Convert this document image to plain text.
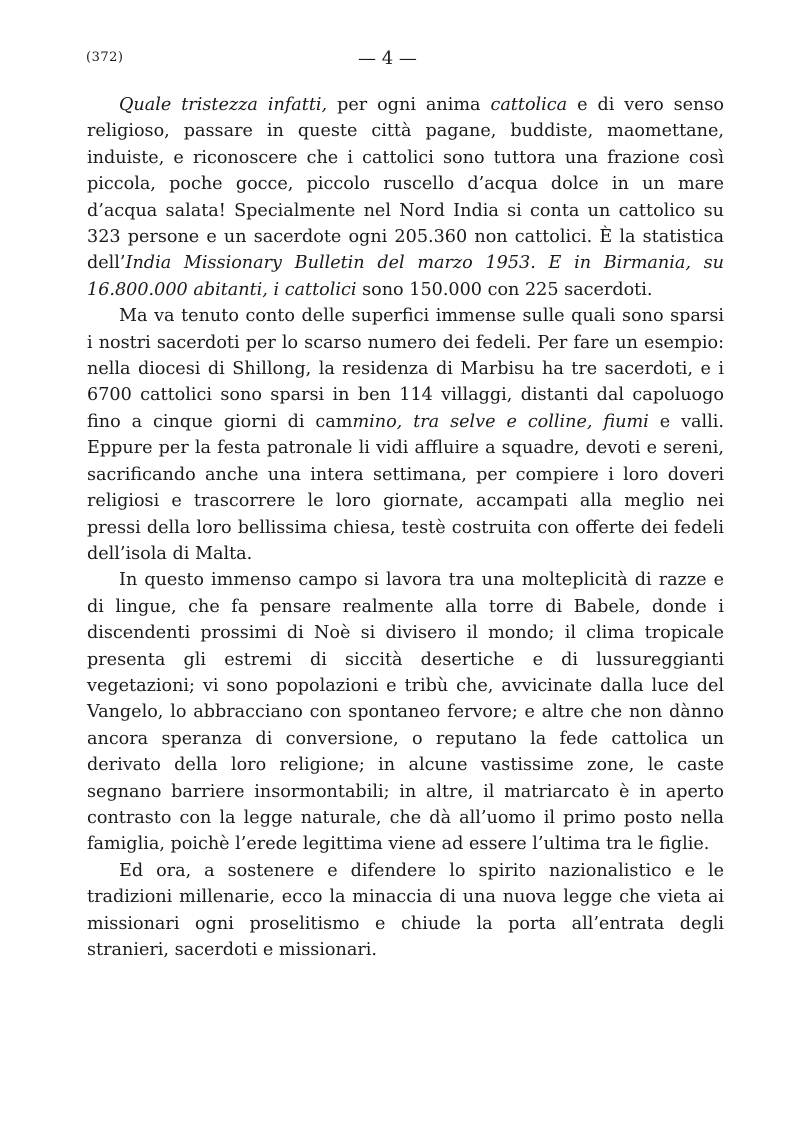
(372)	— 4 —

Quale tristezza infatti, per ogni anima cattolica e di vero senso religioso, passare in queste città pagane, buddiste, maomettane, induiste, e riconoscere che i cattolici sono tuttora una frazione così piccola, poche gocce, piccolo ruscello d’acqua dolce in un mare d’acqua salata! Specialmente nel Nord India si conta un cattolico su 323 persone e un sacerdote ogni 205.360 non cattolici. È la statistica dell’India Missionary Bulletin del marzo 1953. E in Birmania, su 16.800.000 abitanti, i cattolici sono 150.000 con 225 sacerdoti.

Ma va tenuto conto delle superfici immense sulle quali sono sparsi i nostri sacerdoti per lo scarso numero dei fedeli. Per fare un esempio: nella diocesi di Shillong, la residenza di Marbisu ha tre sacerdoti, e i 6700 cattolici sono sparsi in ben 114 villaggi, distanti dal capoluogo fino a cinque giorni di cammino, tra selve e colline, fiumi e valli. Eppure per la festa patronale li vidi affluire a squadre, devoti e sereni, sacrificando anche una intera settimana, per compiere i loro doveri religiosi e trascorrere le loro giornate, accampati alla meglio nei pressi della loro bellissima chiesa, testè costruita con offerte dei fedeli dell’isola di Malta.

In questo immenso campo si lavora tra una molteplicità di razze e di lingue, che fa pensare realmente alla torre di Babele, donde i discendenti prossimi di Noè si divisero il mondo; il clima tropicale presenta gli estremi di siccità desertiche e di lussureggianti vegetazioni; vi sono popolazioni e tribù che, avvicinate dalla luce del Vangelo, lo abbracciano con spontaneo fervore; e altre che non dànno ancora speranza di conversione, o reputano la fede cattolica un derivato della loro religione; in alcune vastissime zone, le caste segnano barriere insormontabili; in altre, il matriarcato è in aperto contrasto con la legge naturale, che dà all’uomo il primo posto nella famiglia, poichè l’erede legittima viene ad essere l’ultima tra le figlie.

Ed ora, a sostenere e difendere lo spirito nazionalistico e le tradizioni millenarie, ecco la minaccia di una nuova legge che vieta ai missionari ogni proselitismo e chiude la porta all’entrata degli stranieri, sacerdoti e missionari.
